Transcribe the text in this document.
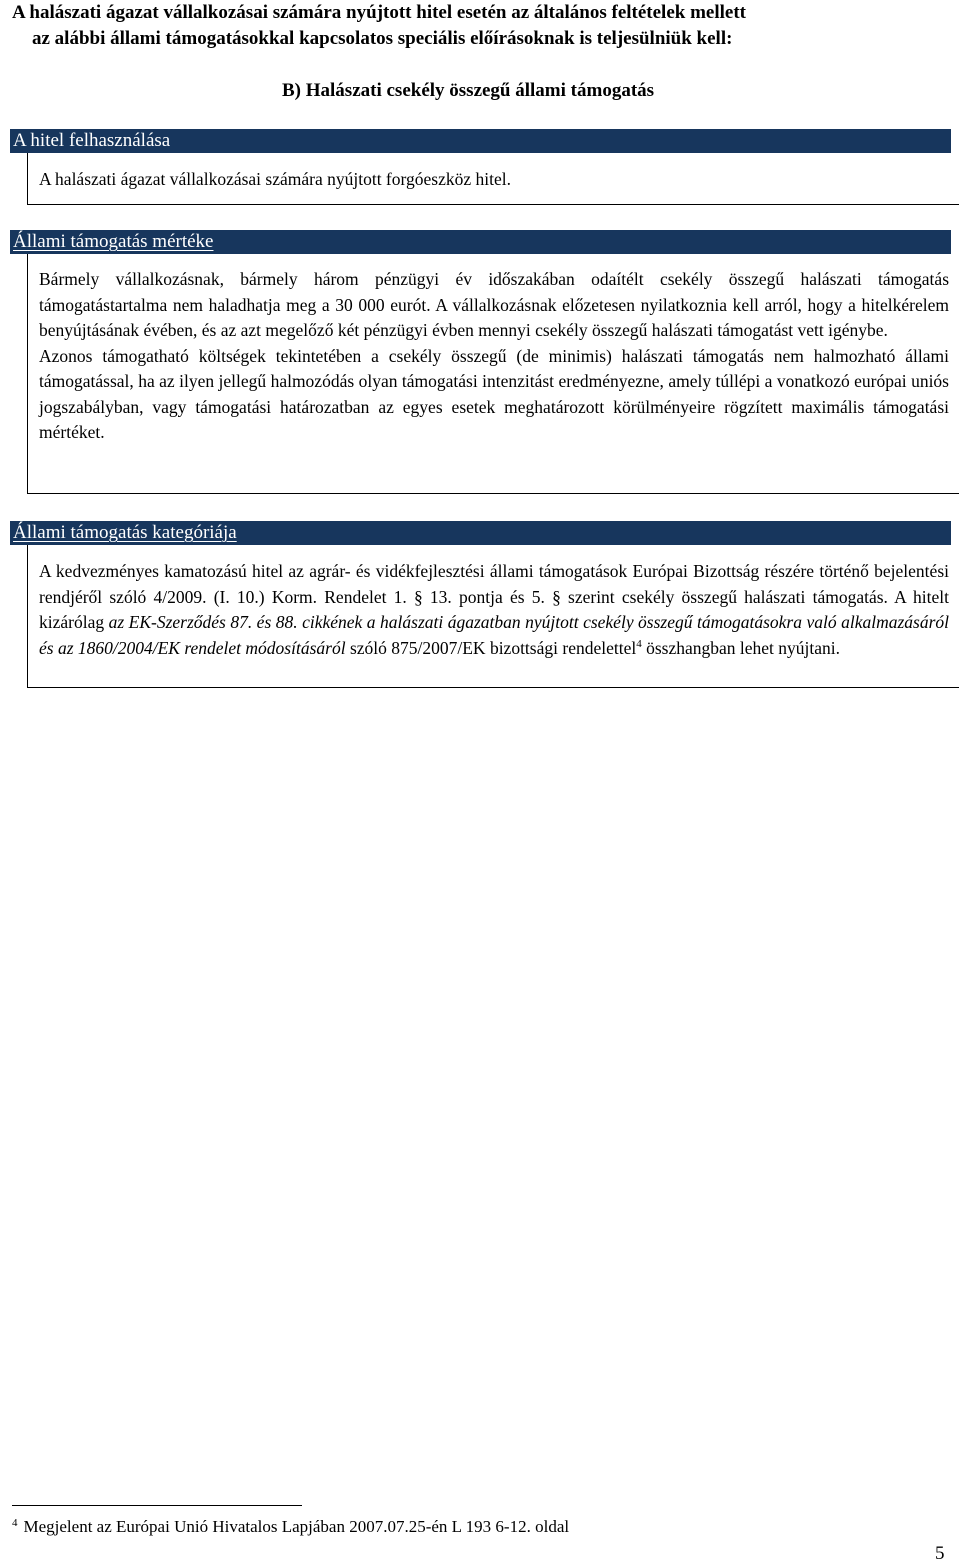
A halászati ágazat vállalkozásai számára nyújtott hitel esetén az általános feltételek mellett

az alábbi állami támogatásokkal kapcsolatos speciális előírásoknak is teljesülniük kell:

B) Halászati csekély összegű állami támogatás
A hitel felhasználása

A halászati ágazat vállalkozásai számára nyújtott forgóeszköz hitel.

Állami támogatás mértéke

Bármely vállalkozásnak, bármely három pénzügyi év időszakában odaítélt csekély összegű halászati támogatás támogatástartalma nem haladhatja meg a 30 000 eurót. A vállalkozásnak előzetesen nyilatkoznia kell arról, hogy a hitelkérelem benyújtásának évében, és az azt megelőző két pénzügyi évben mennyi csekély összegű halászati támogatást vett igénybe.

Azonos támogatható költségek tekintetében a csekély összegű (de minimis) halászati támogatás nem halmozható állami támogatással, ha az ilyen jellegű halmozódás olyan támogatási intenzitást eredményezne, amely túllépi a vonatkozó európai uniós jogszabályban, vagy támogatási határozatban az egyes esetek meghatározott körülményeire rögzített maximális támogatási mértéket.

Állami támogatás kategóriája

A kedvezményes kamatozású hitel az agrár- és vidékfejlesztési állami támogatások Európai Bizottság részére történő bejelentési rendjéről szóló 4/2009. (I. 10.) Korm. Rendelet 1. § 13. pontja és 5. § szerint csekély összegű halászati támogatás. A hitelt kizárólag az EK-Szerződés 87. és 88. cikkének a halászati ágazatban nyújtott csekély összegű támogatásokra való alkalmazásáról és az 1860/2004/EK rendelet módosításáról szóló 875/2007/EK bizottsági rendelettel$^4$ összhangban lehet nyújtani.

$^4$ Megjelent az Európai Unió Hivatalos Lapjában 2007.07.25-én L 193 6-12. oldal
5
